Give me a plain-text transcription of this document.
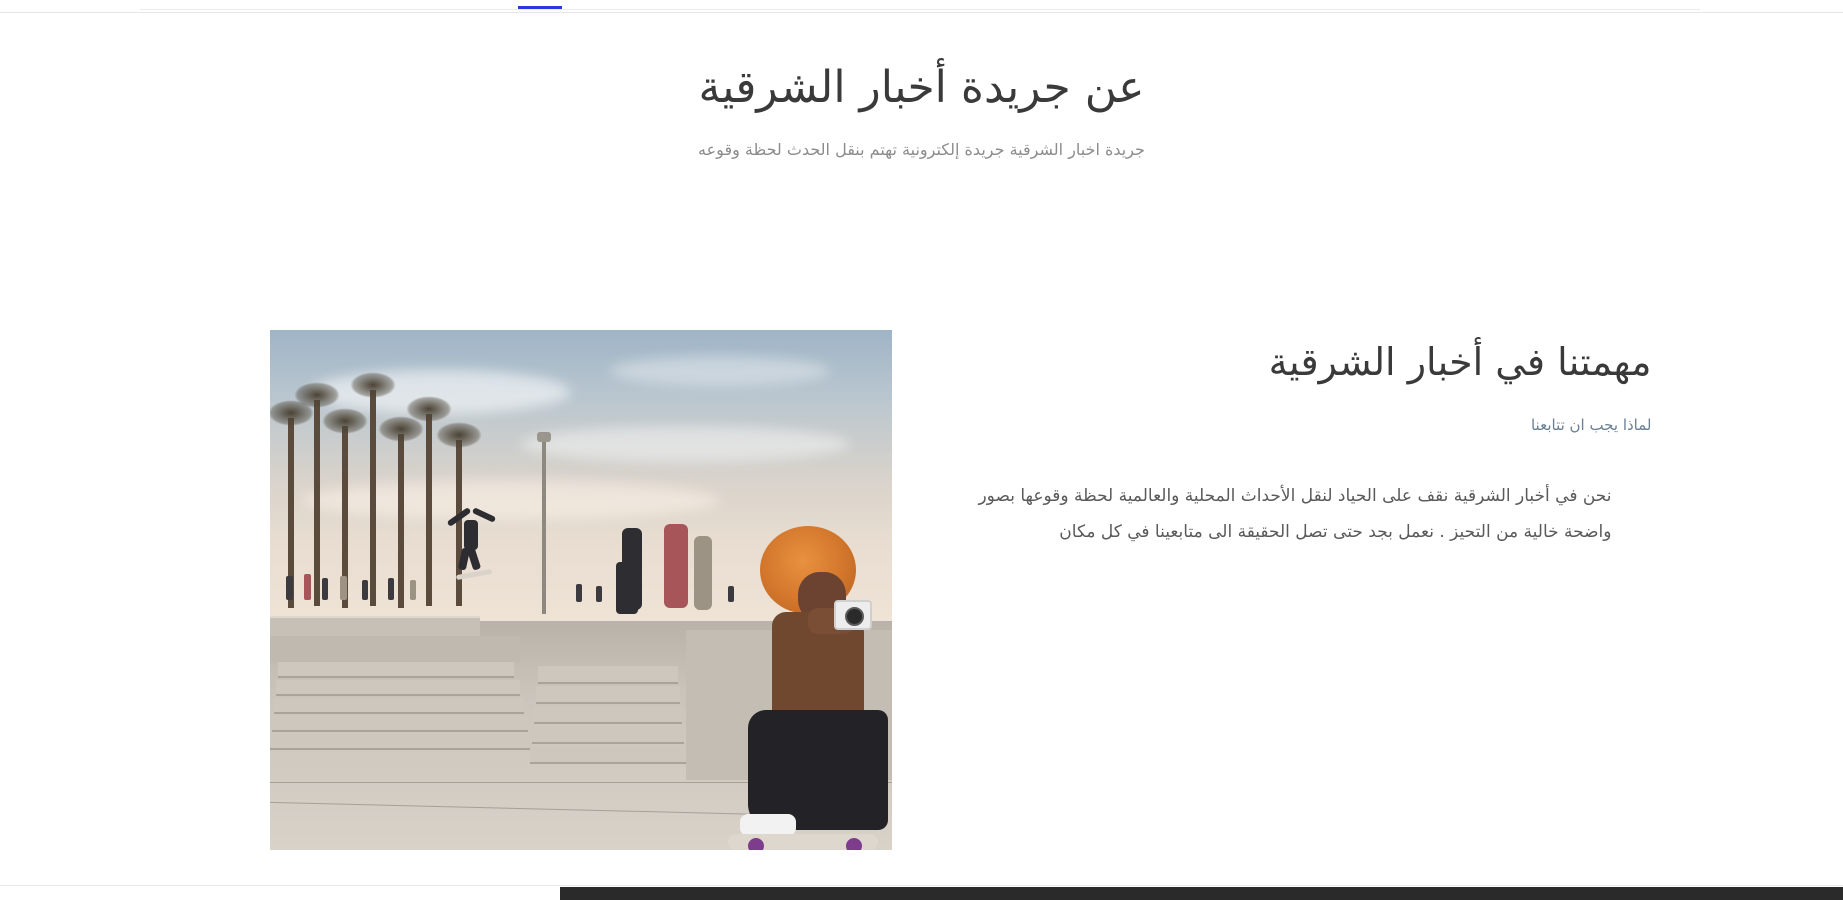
عن جريدة أخبار الشرقية
جريدة اخبار الشرقية جريدة إلكترونية تهتم بنقل الحدث لحظة وقوعه
مهمتنا في أخبار الشرقية
لماذا يجب ان تتابعنا

نحن في أخبار الشرقية نقف على الحياد لنقل الأحداث المحلية والعالمية لحظة وقوعها بصور واضحة خالية من التحيز . نعمل بجد حتى تصل الحقيقة الى متابعينا في كل مكان
